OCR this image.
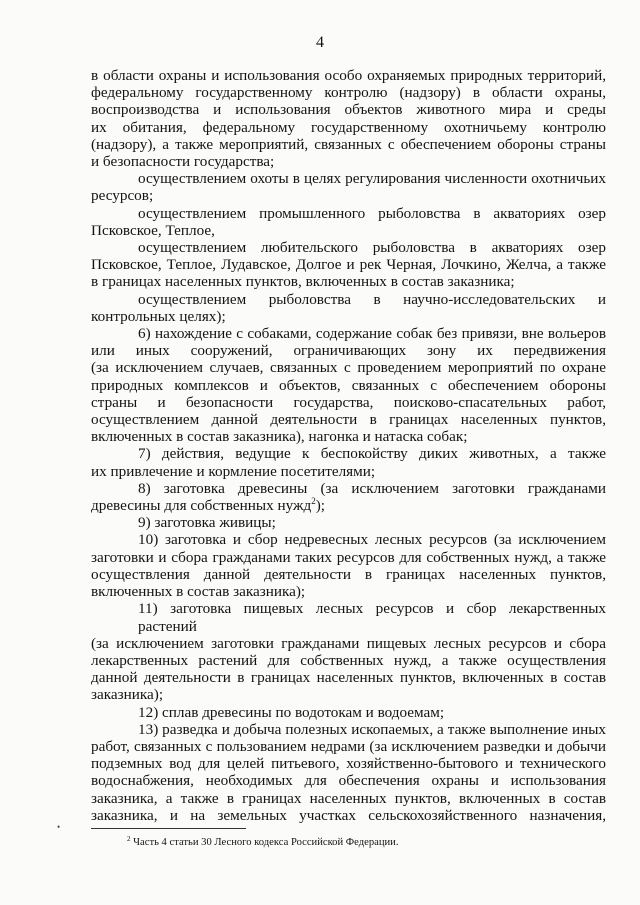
4
в области охраны и использования особо охраняемых природных территорий,
федеральному государственному контролю (надзору) в области охраны,
воспроизводства и использования объектов животного мира и среды
их обитания, федеральному государственному охотничьему контролю
(надзору), а также мероприятий, связанных с обеспечением обороны страны
и безопасности государства;
осуществлением охоты в целях регулирования численности охотничьих
ресурсов;
осуществлением промышленного рыболовства в акваториях озер
Псковское, Теплое,
осуществлением любительского рыболовства в акваториях озер
Псковское, Теплое, Лудавское, Долгое и рек Черная, Лочкино, Желча, а также
в границах населенных пунктов, включенных в состав заказника;
осуществлением рыболовства в научно-исследовательских и
контрольных целях);
6) нахождение с собаками, содержание собак без привязи, вне вольеров
или иных сооружений, ограничивающих зону их передвижения
(за исключением случаев, связанных с проведением мероприятий по охране
природных комплексов и объектов, связанных с обеспечением обороны
страны и безопасности государства, поисково-спасательных работ,
осуществлением данной деятельности в границах населенных пунктов,
включенных в состав заказника), нагонка и натаска собак;
7) действия, ведущие к беспокойству диких животных, а также
их привлечение и кормление посетителями;
8) заготовка древесины (за исключением заготовки гражданами
древесины для собственных нужд$^2$);
9) заготовка живицы;
10) заготовка и сбор недревесных лесных ресурсов (за исключением
заготовки и сбора гражданами таких ресурсов для собственных нужд, а также
осуществления данной деятельности в границах населенных пунктов,
включенных в состав заказника);
11) заготовка пищевых лесных ресурсов и сбор лекарственных растений
(за исключением заготовки гражданами пищевых лесных ресурсов и сбора
лекарственных растений для собственных нужд, а также осуществления
данной деятельности в границах населенных пунктов, включенных в состав
заказника);
12) сплав древесины по водотокам и водоемам;
13) разведка и добыча полезных ископаемых, а также выполнение иных
работ, связанных с пользованием недрами (за исключением разведки и добычи
подземных вод для целей питьевого, хозяйственно-бытового и технического
водоснабжения, необходимых для обеспечения охраны и использования
заказника, а также в границах населенных пунктов, включенных в состав
заказника, и на земельных участках сельскохозяйственного назначения,
•
$^2$ Часть 4 статьи 30 Лесного кодекса Российской Федерации.
